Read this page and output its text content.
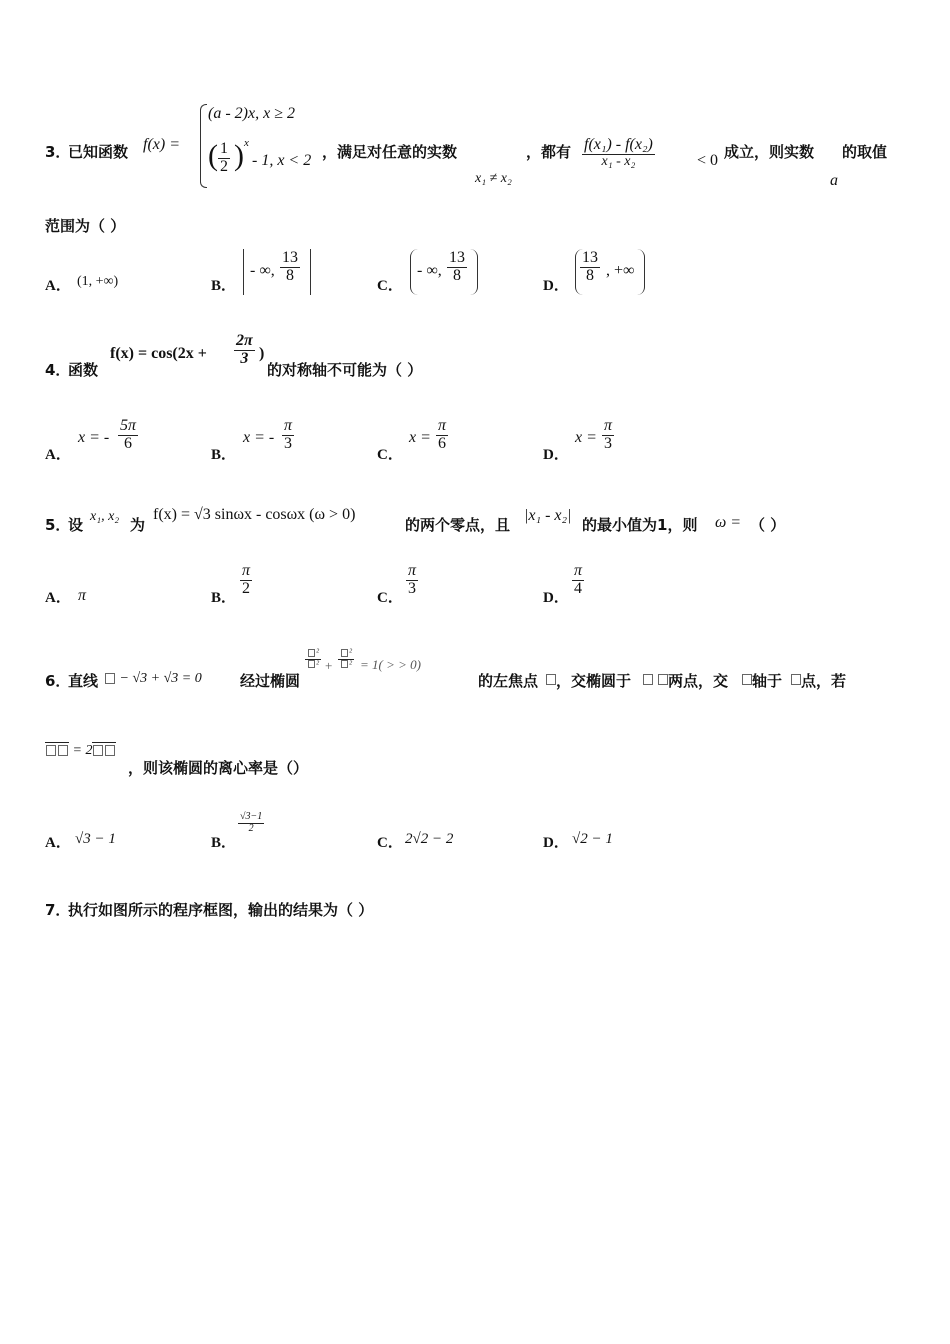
3．
已知函数 f(x) =
(a - 2)x, x ≥ 2
( $\frac{1}{2}$ ) x
- 1, x < 2 ，满足对任意的实数
x₁ ≠ x₂
，都有 $\frac{\text{f(x₁) - f(x₂)}}{\text{x₁ - x₂}}$	< 0 成立，则实数
a
的取值
范围为（ ）
A． (1, +∞)	B．
- ∞, $\frac{13}{8}$
C．
- ∞, $\frac{13}{8}$
D．
$\frac{13}{8}$ , +∞
4．
函数
$f(x) = \cos(2x + \frac{2\pi}{3}$ )
的对称轴不可能为（ ）
A．
x = - $\frac{5\pi}{6}$
B．
x = - $\frac{\pi}{3}$
C．
$x = \frac{\pi}{6}$
D．
$x = \frac{\pi}{3}$
5．
设 x₁, x₂ 为
f(x) = √3 sinωx - cosωx (ω > 0)
的两个零点，且
|x₁ - x₂|
的最小值为1，则 ω = （ ）
A． π	B．
$\frac{\pi}{2}$
C．
$\frac{\pi}{3}$
D．
$\frac{\pi}{4}$
6．
直线	− √3 + √3 = 0	经过椭圆
$\frac{\text{²}}{\text{²}} + \frac{\text{²}}{\text{²}} = 1$( > > 0)
的左焦点 ，交椭圆于 两点，交 轴于 点，若
= 2
，则该椭圆的离心率是（）
A． √3 − 1	B．
$\frac{√3-1}{2}$
C． 2√2 − 2	D． √2 − 1
7．
执行如图所示的程序框图，输出的结果为（ ）
